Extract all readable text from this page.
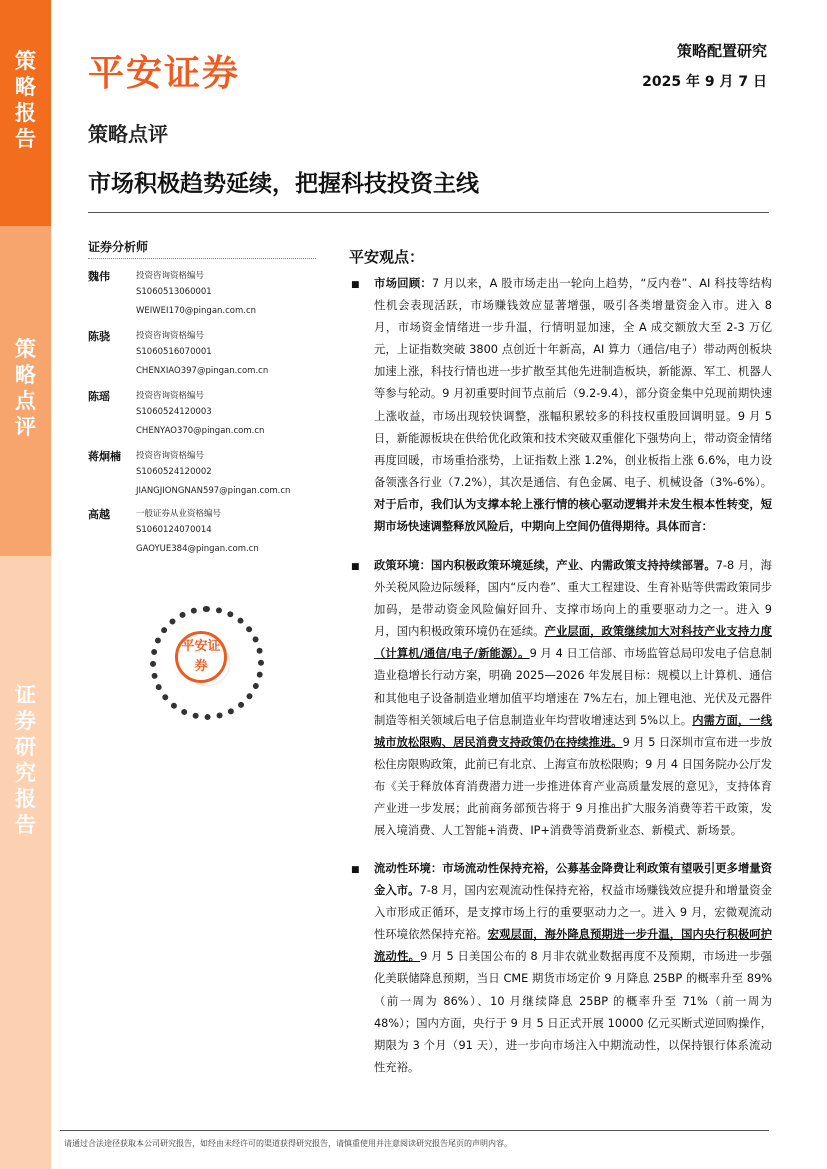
策
略
报
告
策
略
点
评
证
券
研
究
报
告
平安证券
策略配置研究
2025 年 9 月 7 日
策略点评
市场积极趋势延续，把握科技投资主线
证券分析师
魏伟	投资咨询资格编号
S1060513060001
WEIWEI170@pingan.com.cn
陈骁	投资咨询资格编号
S1060516070001
CHENXIAO397@pingan.com.cn
陈瑶	投资咨询资格编号
S1060524120003
CHENYAO370@pingan.com.cn
蒋炯楠 投资咨询资格编号
S1060524120002
JIANGJIONGNAN597@pingan.com.cn
高越	一般证券从业资格编号
S1060124070014
GAOYUE384@pingan.com.cn
平安证券
平安观点：
■ 市场回顾：7 月以来，A 股市场走出一轮向上趋势，“反内卷”、AI 科技等结构性机会表现活跃，市场赚钱效应显著增强，吸引各类增量资金入市。进入 8 月，市场资金情绪进一步升温，行情明显加速，全 A 成交额放大至 2-3 万亿元，上证指数突破 3800 点创近十年新高，AI 算力（通信/电子）带动两创板块加速上涨，科技行情也进一步扩散至其他先进制造板块，新能源、军工、机器人等参与轮动。9 月初重要时间节点前后（9.2-9.4），部分资金集中兑现前期快速上涨收益，市场出现较快调整，涨幅积累较多的科技权重股回调明显。9 月 5 日，新能源板块在供给优化政策和技术突破双重催化下强势向上，带动资金情绪再度回暖，市场重拾涨势，上证指数上涨 1.2%，创业板指上涨 6.6%，电力设备领涨各行业（7.2%），其次是通信、有色金属、电子、机械设备（3%-6%）。对于后市，我们认为支撑本轮上涨行情的核心驱动逻辑并未发生根本性转变，短期市场快速调整释放风险后，中期向上空间仍值得期待。具体而言：
■ 政策环境：国内积极政策环境延续，产业、内需政策支持持续部署。7-8 月，海外关税风险边际缓释，国内“反内卷”、重大工程建设、生育补贴等供需政策同步加码，是带动资金风险偏好回升、支撑市场向上的重要驱动力之一。进入 9 月，国内积极政策环境仍在延续。产业层面，政策继续加大对科技产业支持力度（计算机/通信/电子/新能源）。9 月 4 日工信部、市场监管总局印发电子信息制造业稳增长行动方案，明确 2025—2026 年发展目标：规模以上计算机、通信和其他电子设备制造业增加值平均增速在 7%左右，加上锂电池、光伏及元器件制造等相关领域后电子信息制造业年均营收增速达到 5%以上。内需方面，一线城市放松限购、居民消费支持政策仍在持续推进。9 月 5 日深圳市宣布进一步放松住房限购政策，此前已有北京、上海宣布放松限购；9 月 4 日国务院办公厅发布《关于释放体育消费潜力进一步推进体育产业高质量发展的意见》，支持体育产业进一步发展；此前商务部预告将于 9 月推出扩大服务消费等若干政策，发展入境消费、人工智能+消费、IP+消费等消费新业态、新模式、新场景。
■ 流动性环境：市场流动性保持充裕，公募基金降费让利政策有望吸引更多增量资金入市。7-8 月，国内宏观流动性保持充裕，权益市场赚钱效应提升和增量资金入市形成正循环，是支撑市场上行的重要驱动力之一。进入 9 月，宏微观流动性环境依然保持充裕。宏观层面，海外降息预期进一步升温，国内央行积极呵护流动性。9 月 5 日美国公布的 8 月非农就业数据再度不及预期，市场进一步强化美联储降息预期，当日 CME 期货市场定价 9 月降息 25BP 的概率升至 89%（前一周为 86%）、10 月继续降息 25BP 的概率升至 71%（前一周为 48%）；国内方面，央行于 9 月 5 日正式开展 10000 亿元买断式逆回购操作，期限为 3 个月（91 天），进一步向市场注入中期流动性，以保持银行体系流动性充裕。
请通过合法途径获取本公司研究报告，如经由未经许可的渠道获得研究报告，请慎重使用并注意阅读研究报告尾页的声明内容。
